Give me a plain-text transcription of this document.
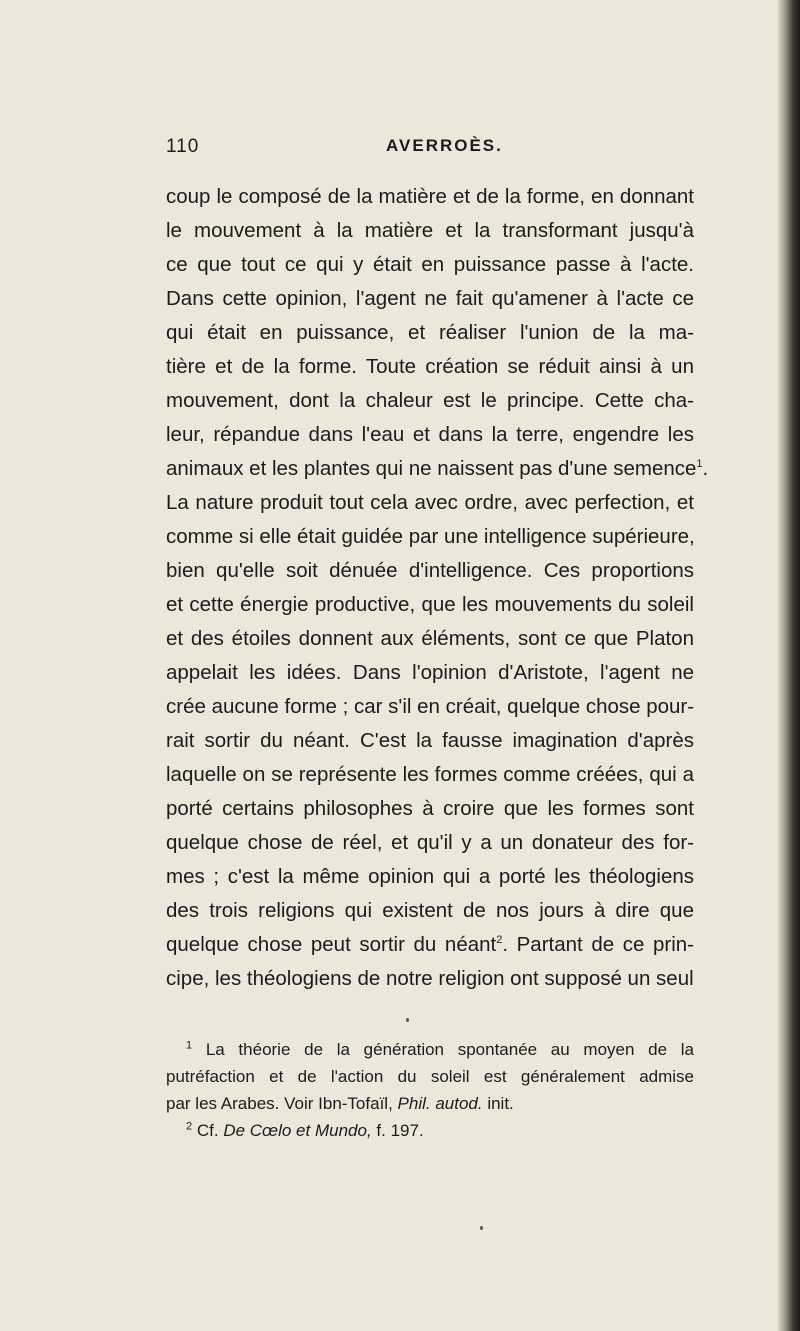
110	AVERROÈS.
coup le composé de la matière et de la forme, en donnant
le mouvement à la matière et la transformant jusqu'à
ce que tout ce qui y était en puissance passe à l'acte.
Dans cette opinion, l'agent ne fait qu'amener à l'acte ce
qui était en puissance, et réaliser l'union de la ma-
tière et de la forme. Toute création se réduit ainsi à un
mouvement, dont la chaleur est le principe. Cette cha-
leur, répandue dans l'eau et dans la terre, engendre les
animaux et les plantes qui ne naissent pas d'une semence$^1$.
La nature produit tout cela avec ordre, avec perfection, et
comme si elle était guidée par une intelligence supérieure,
bien qu'elle soit dénuée d'intelligence. Ces proportions
et cette énergie productive, que les mouvements du soleil
et des étoiles donnent aux éléments, sont ce que Platon
appelait les idées. Dans l'opinion d'Aristote, l'agent ne
crée aucune forme ; car s'il en créait, quelque chose pour-
rait sortir du néant. C'est la fausse imagination d'après
laquelle on se représente les formes comme créées, qui a
porté certains philosophes à croire que les formes sont
quelque chose de réel, et qu'il y a un donateur des for-
mes ; c'est la même opinion qui a porté les théologiens
des trois religions qui existent de nos jours à dire que
quelque chose peut sortir du néant$^2$. Partant de ce prin-
cipe, les théologiens de notre religion ont supposé un seul
$^1$ La théorie de la génération spontanée au moyen de la
putréfaction et de l'action du soleil est généralement admise
par les Arabes. Voir Ibn-Tofaïl, Phil. autod. init.
$^2$ Cf. De Cœlo et Mundo, f. 197.
